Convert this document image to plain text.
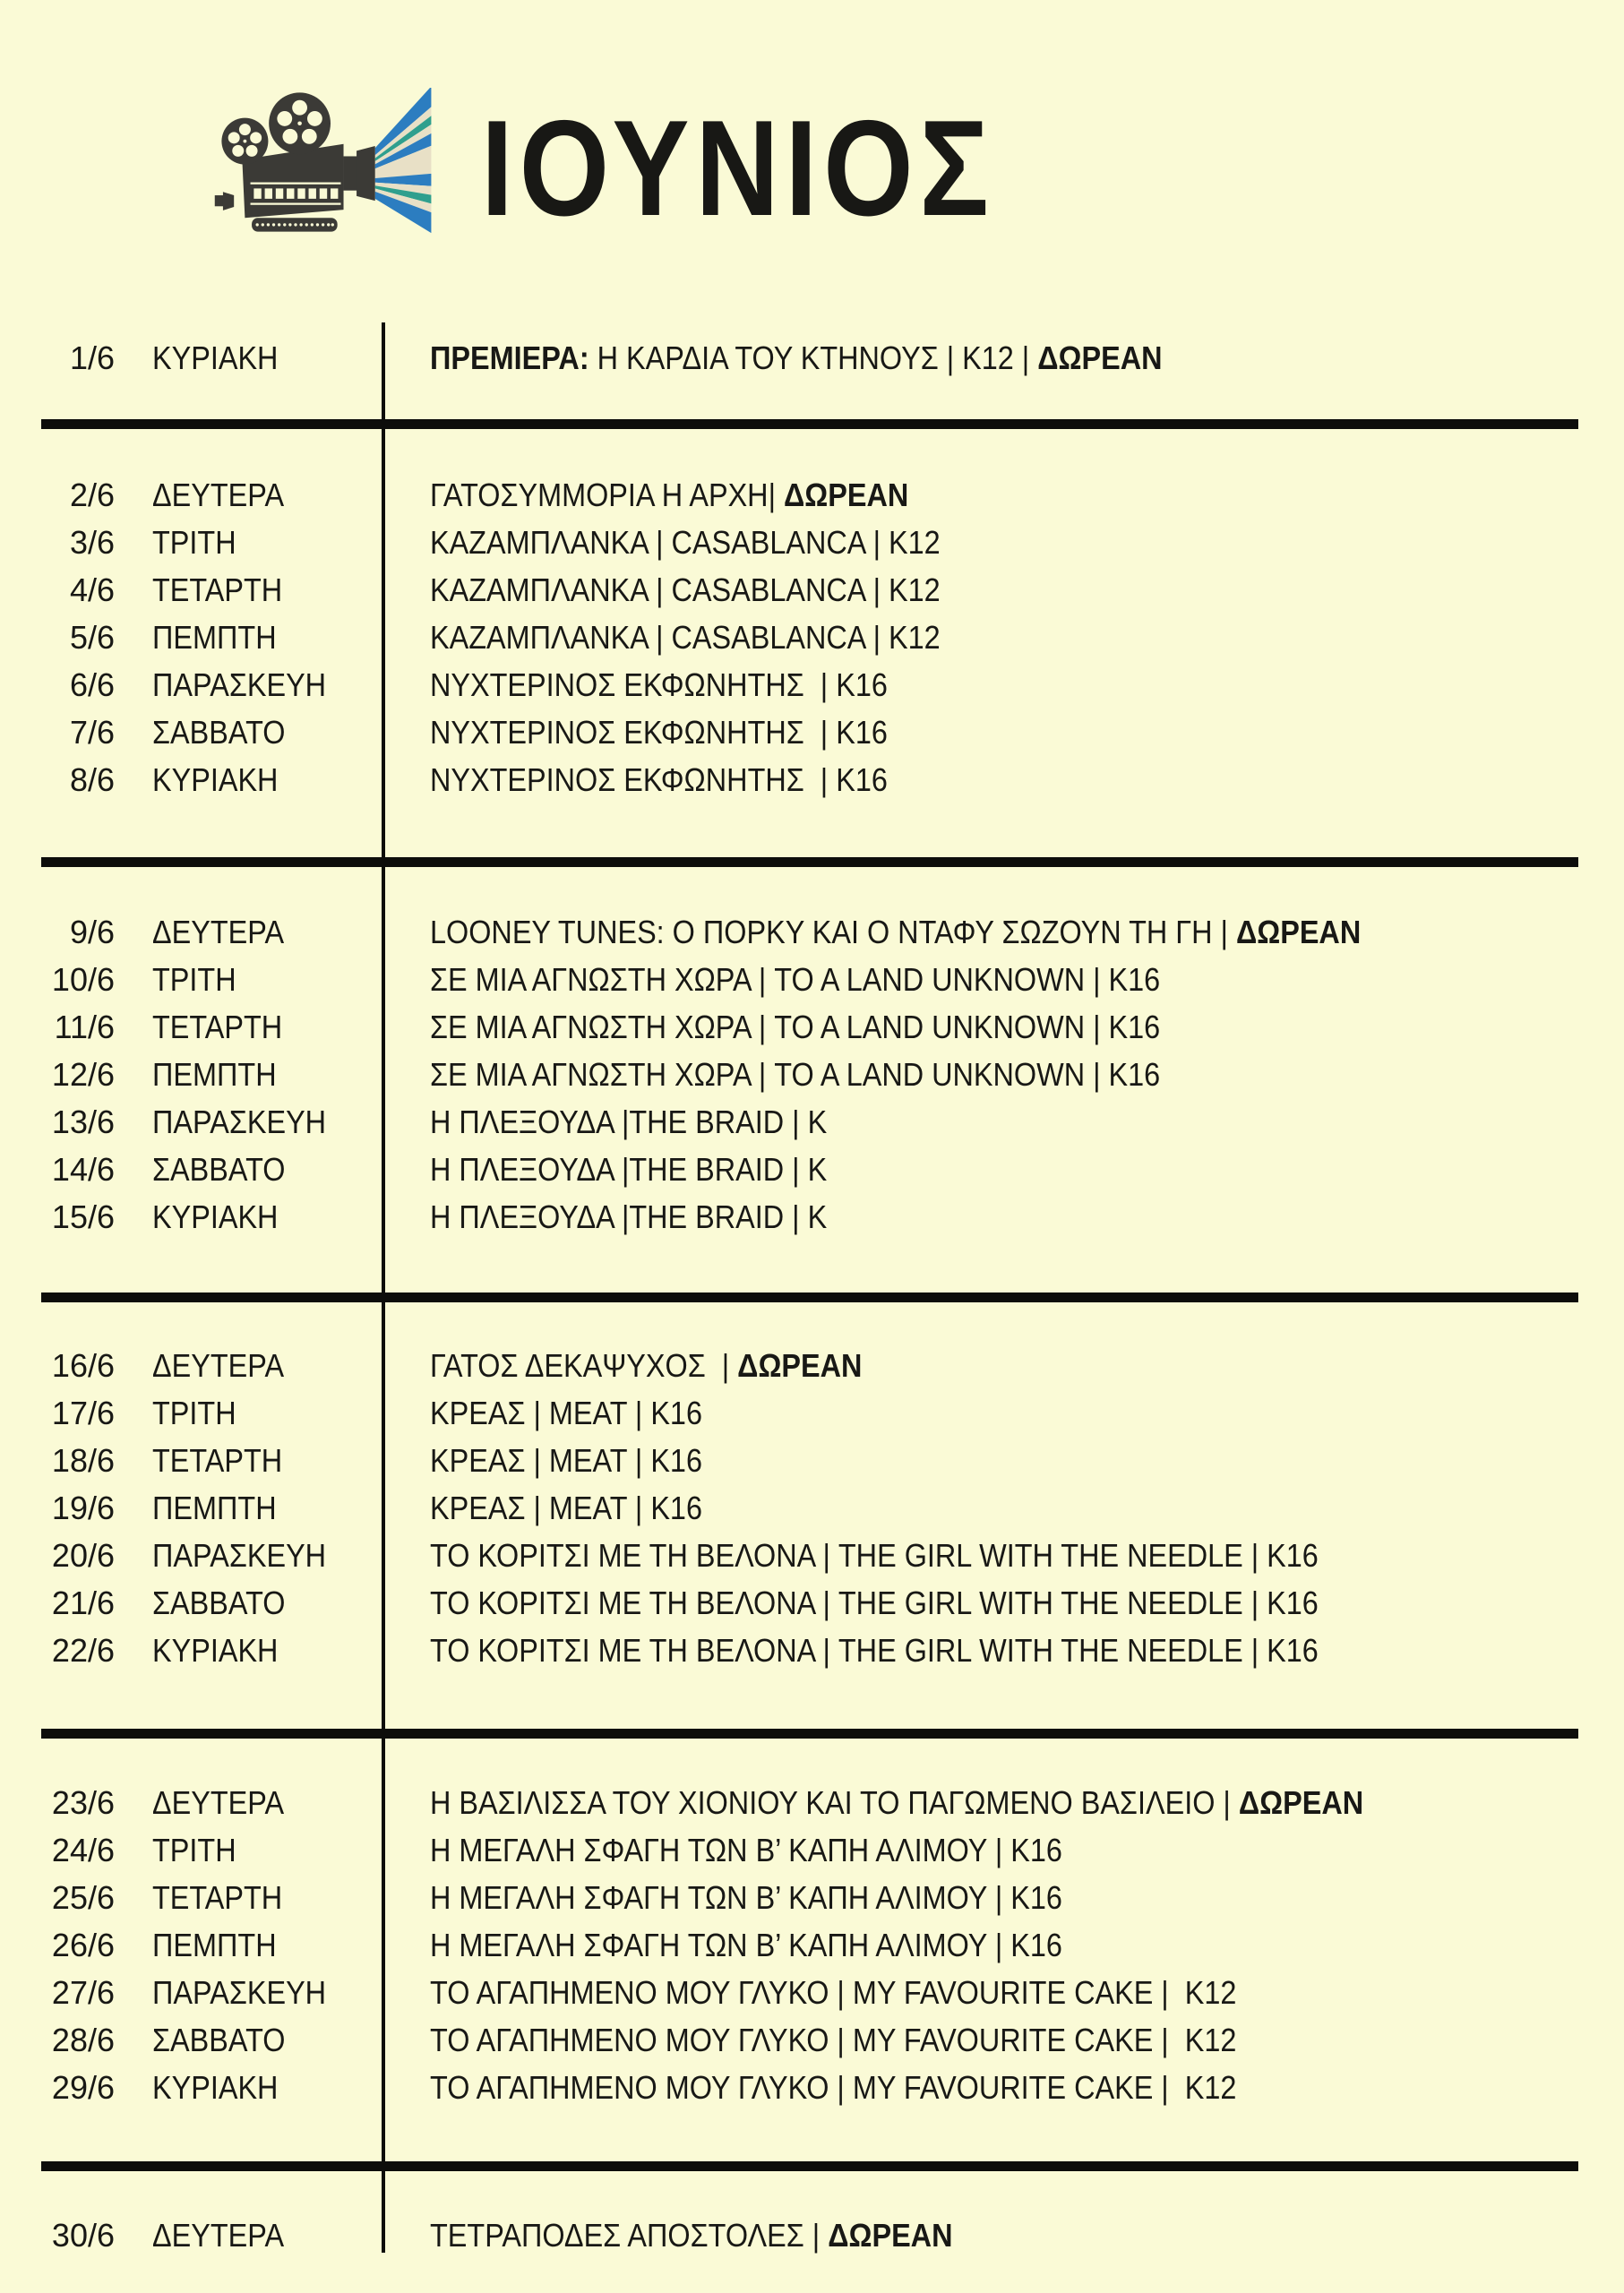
ΙΟΥΝΙΟΣ
1/6 ΚΥΡΙΑΚΗ	ΠΡΕΜΙΕΡΑ: Η ΚΑΡΔΙΑ ΤΟΥ ΚΤΗΝΟΥΣ | Κ12 | ΔΩΡΕΑΝ
2/6 ΔΕΥΤΕΡΑ	ΓΑΤΟΣΥΜΜΟΡΙΑ Η ΑΡΧΗ| ΔΩΡΕΑΝ
3/6 ΤΡΙΤΗ	ΚΑΖΑΜΠΛΑΝΚΑ | CASABLANCA | Κ12
4/6 ΤΕΤΑΡΤΗ	ΚΑΖΑΜΠΛΑΝΚΑ | CASABLANCA | Κ12
5/6 ΠΕΜΠΤΗ	ΚΑΖΑΜΠΛΑΝΚΑ | CASABLANCA | Κ12
6/6 ΠΑΡΑΣΚΕΥΗ	ΝΥΧΤΕΡΙΝΟΣ ΕΚΦΩΝΗΤΗΣ  | Κ16
7/6 ΣΑΒΒΑΤΟ	ΝΥΧΤΕΡΙΝΟΣ ΕΚΦΩΝΗΤΗΣ  | Κ16
8/6 ΚΥΡΙΑΚΗ	ΝΥΧΤΕΡΙΝΟΣ ΕΚΦΩΝΗΤΗΣ  | Κ16
9/6 ΔΕΥΤΕΡΑ	LOONEY TUNES: Ο ΠΟΡΚΥ ΚΑΙ Ο ΝΤΑΦΥ ΣΩΖΟΥΝ ΤΗ ΓΗ | ΔΩΡΕΑΝ
10/6 ΤΡΙΤΗ	ΣΕ ΜΙΑ ΑΓΝΩΣΤΗ ΧΩΡΑ | TO A LAND UNKNOWN | Κ16
11/6 ΤΕΤΑΡΤΗ	ΣΕ ΜΙΑ ΑΓΝΩΣΤΗ ΧΩΡΑ | TO A LAND UNKNOWN | Κ16
12/6 ΠΕΜΠΤΗ	ΣΕ ΜΙΑ ΑΓΝΩΣΤΗ ΧΩΡΑ | TO A LAND UNKNOWN | Κ16
13/6 ΠΑΡΑΣΚΕΥΗ	Η ΠΛΕΞΟΥΔΑ |THE BRAID | Κ
14/6 ΣΑΒΒΑΤΟ	Η ΠΛΕΞΟΥΔΑ |THE BRAID | Κ
15/6 ΚΥΡΙΑΚΗ	Η ΠΛΕΞΟΥΔΑ |THE BRAID | Κ
16/6 ΔΕΥΤΕΡΑ	ΓΑΤΟΣ ΔΕΚΑΨΥΧΟΣ  | ΔΩΡΕΑΝ
17/6 ΤΡΙΤΗ	ΚΡΕΑΣ | MEAT | Κ16
18/6 ΤΕΤΑΡΤΗ	ΚΡΕΑΣ | MEAT | Κ16
19/6 ΠΕΜΠΤΗ	ΚΡΕΑΣ | MEAT | Κ16
20/6 ΠΑΡΑΣΚΕΥΗ	ΤΟ ΚΟΡΙΤΣΙ ΜΕ ΤΗ ΒΕΛΟΝΑ | THE GIRL WITH THE NEEDLE | Κ16
21/6 ΣΑΒΒΑΤΟ	ΤΟ ΚΟΡΙΤΣΙ ΜΕ ΤΗ ΒΕΛΟΝΑ | THE GIRL WITH THE NEEDLE | Κ16
22/6 ΚΥΡΙΑΚΗ	ΤΟ ΚΟΡΙΤΣΙ ΜΕ ΤΗ ΒΕΛΟΝΑ | THE GIRL WITH THE NEEDLE | Κ16
23/6 ΔΕΥΤΕΡΑ	Η ΒΑΣΙΛΙΣΣΑ ΤΟΥ ΧΙΟΝΙΟΥ ΚΑΙ ΤΟ ΠΑΓΩΜΕΝΟ ΒΑΣΙΛΕΙΟ | ΔΩΡΕΑΝ
24/6 ΤΡΙΤΗ	Η ΜΕΓΑΛΗ ΣΦΑΓΗ ΤΩΝ Β’ ΚΑΠΗ ΑΛΙΜΟΥ | Κ16
25/6 ΤΕΤΑΡΤΗ	Η ΜΕΓΑΛΗ ΣΦΑΓΗ ΤΩΝ Β’ ΚΑΠΗ ΑΛΙΜΟΥ | Κ16
26/6 ΠΕΜΠΤΗ	Η ΜΕΓΑΛΗ ΣΦΑΓΗ ΤΩΝ Β’ ΚΑΠΗ ΑΛΙΜΟΥ | Κ16
27/6 ΠΑΡΑΣΚΕΥΗ	ΤΟ ΑΓΑΠΗΜΕΝΟ ΜΟΥ ΓΛΥΚΟ | MY FAVOURITE CAKE |  Κ12
28/6 ΣΑΒΒΑΤΟ	ΤΟ ΑΓΑΠΗΜΕΝΟ ΜΟΥ ΓΛΥΚΟ | MY FAVOURITE CAKE |  Κ12
29/6 ΚΥΡΙΑΚΗ	ΤΟ ΑΓΑΠΗΜΕΝΟ ΜΟΥ ΓΛΥΚΟ | MY FAVOURITE CAKE |  Κ12
30/6 ΔΕΥΤΕΡΑ	ΤΕΤΡΑΠΟΔΕΣ ΑΠΟΣΤΟΛΕΣ | ΔΩΡΕΑΝ
